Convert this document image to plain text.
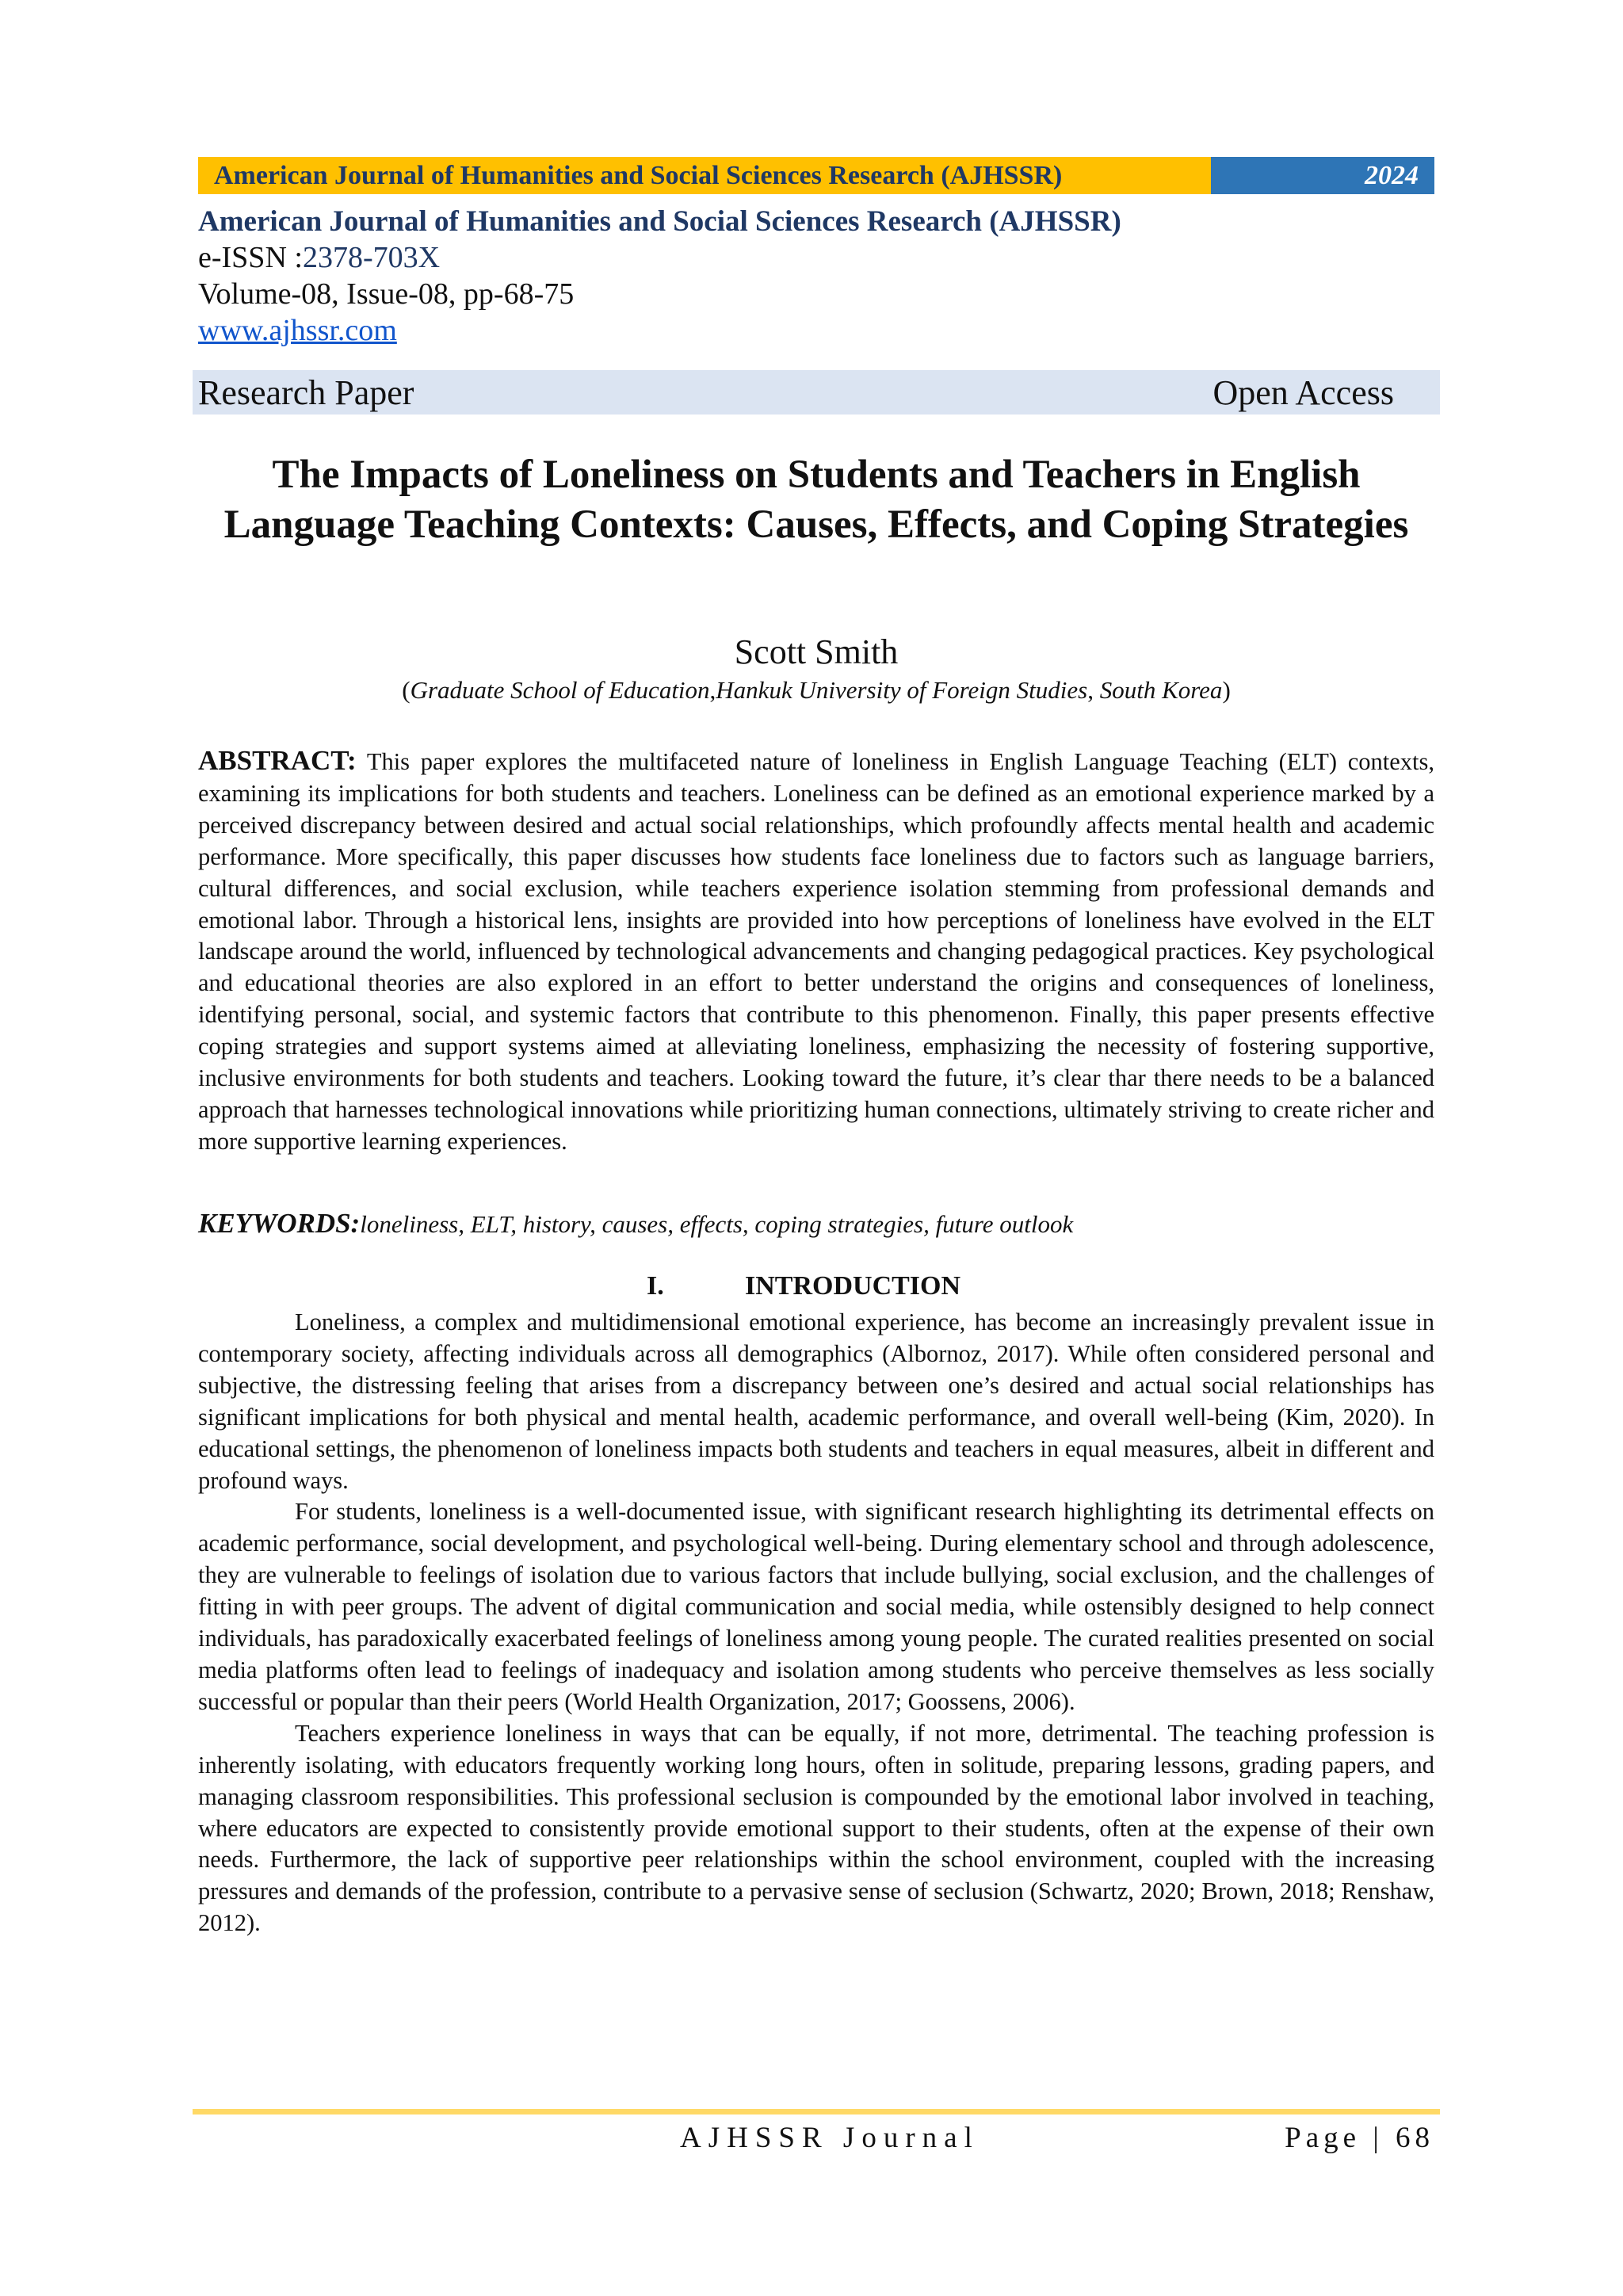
American Journal of Humanities and Social Sciences Research (AJHSSR)	2024
American Journal of Humanities and Social Sciences Research (AJHSSR)
e-ISSN :2378-703X
Volume-08, Issue-08, pp-68-75
www.ajhssr.com
Research Paper	Open Access
The Impacts of Loneliness on Students and Teachers in English Language Teaching Contexts: Causes, Effects, and Coping Strategies
Scott Smith
(Graduate School of Education,Hankuk University of Foreign Studies, South Korea)
ABSTRACT: This paper explores the multifaceted nature of loneliness in English Language Teaching (ELT) contexts, examining its implications for both students and teachers. Loneliness can be defined as an emotional experience marked by a perceived discrepancy between desired and actual social relationships, which profoundly affects mental health and academic performance. More specifically, this paper discusses how students face loneliness due to factors such as language barriers, cultural differences, and social exclusion, while teachers experience isolation stemming from professional demands and emotional labor. Through a historical lens, insights are provided into how perceptions of loneliness have evolved in the ELT landscape around the world, influenced by technological advancements and changing pedagogical practices. Key psychological and educational theories are also explored in an effort to better understand the origins and consequences of loneliness, identifying personal, social, and systemic factors that contribute to this phenomenon. Finally, this paper presents effective coping strategies and support systems aimed at alleviating loneliness, emphasizing the necessity of fostering supportive, inclusive environments for both students and teachers. Looking toward the future, it’s clear thar there needs to be a balanced approach that harnesses technological innovations while prioritizing human connections, ultimately striving to create richer and more supportive learning experiences.
KEYWORDS:loneliness, ELT, history, causes, effects, coping strategies, future outlook
I.	INTRODUCTION

Loneliness, a complex and multidimensional emotional experience, has become an increasingly prevalent issue in contemporary society, affecting individuals across all demographics (Albornoz, 2017). While often considered personal and subjective, the distressing feeling that arises from a discrepancy between one’s desired and actual social relationships has significant implications for both physical and mental health, academic performance, and overall well-being (Kim, 2020). In educational settings, the phenomenon of loneliness impacts both students and teachers in equal measures, albeit in different and profound ways.

For students, loneliness is a well-documented issue, with significant research highlighting its detrimental effects on academic performance, social development, and psychological well-being. During elementary school and through adolescence, they are vulnerable to feelings of isolation due to various factors that include bullying, social exclusion, and the challenges of fitting in with peer groups. The advent of digital communication and social media, while ostensibly designed to help connect individuals, has paradoxically exacerbated feelings of loneliness among young people. The curated realities presented on social media platforms often lead to feelings of inadequacy and isolation among students who perceive themselves as less socially successful or popular than their peers (World Health Organization, 2017; Goossens, 2006).

Teachers experience loneliness in ways that can be equally, if not more, detrimental. The teaching profession is inherently isolating, with educators frequently working long hours, often in solitude, preparing lessons, grading papers, and managing classroom responsibilities. This professional seclusion is compounded by the emotional labor involved in teaching, where educators are expected to consistently provide emotional support to their students, often at the expense of their own needs. Furthermore, the lack of supportive peer relationships within the school environment, coupled with the increasing pressures and demands of the profession, contribute to a pervasive sense of seclusion (Schwartz, 2020; Brown, 2018; Renshaw, 2012).

AJHSSR Journal	Page | 68
